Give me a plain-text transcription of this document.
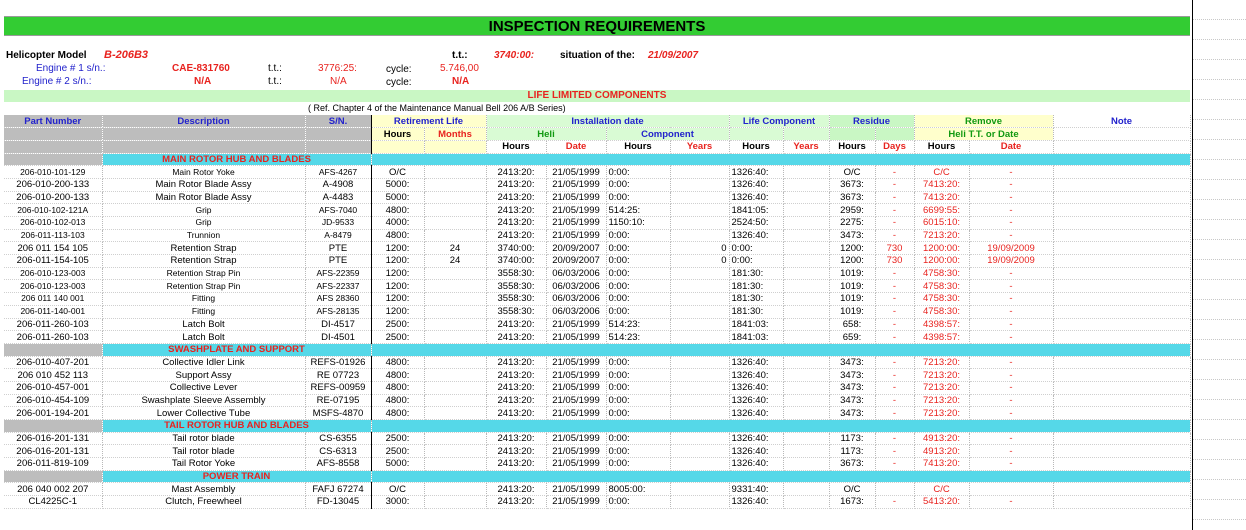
INSPECTION REQUIREMENTS
Helicopter Model B-206B3	t.t.:	3740:00:	situation of the: 21/09/2007
Engine # 1 s/n.:	CAE-831760	t.t.:	3776:25:	cycle:	5.746,00
Engine # 2 s/n.:	N/A	t.t.:	N/A	cycle:	N/A
LIFE LIMITED COMPONENTS
( Ref. Chapter 4 of the Maintenance Manual Bell 206 A/B Series)
Part Number	Description	S/N.	Retirement Life		Installation date				Life Component		Residue		Remove		Note
			Hours	Months	Heli		Component						Heli T.T. or Date		
					Hours	Date	Hours	Years	Hours	Years	Hours	Days	Hours	Date	
	MAIN ROTOR HUB AND BLADES														
206-010-101-129	Main Rotor Yoke	AFS-4267	O/C		2413:20:	21/05/1999	0:00:		1326:40:		O/C	-	C/C	-	
206-010-200-133	Main Rotor Blade Assy	A-4908	5000:		2413:20:	21/05/1999	0:00:		1326:40:		3673:	-	7413:20:	-	
206-010-200-133	Main Rotor Blade Assy	A-4483	5000:		2413:20:	21/05/1999	0:00:		1326:40:		3673:	-	7413:20:	-	
206-010-102-121A	Grip	AFS-7040	4800:		2413:20:	21/05/1999	514:25:		1841:05:		2959:	-	6699:55:	-	
206-010-102-013	Grip	JD-9533	4000:		2413:20:	21/05/1999	1150:10:		2524:50:		2275:	-	6015:10:	-	
206-011-113-103	Trunnion	A-8479	4800:		2413:20:	21/05/1999	0:00:		1326:40:		3473:	-	7213:20:	-	
206 011 154 105	Retention Strap	PTE	1200:	24	3740:00:	20/09/2007	0:00:	0	0:00:		1200:	730	1200:00:	19/09/2009	
206-011-154-105	Retention Strap	PTE	1200:	24	3740:00:	20/09/2007	0:00:	0	0:00:		1200:	730	1200:00:	19/09/2009	
206-010-123-003	Retention Strap Pin	AFS-22359	1200:		3558:30:	06/03/2006	0:00:		181:30:		1019:	-	4758:30:	-	
206-010-123-003	Retention Strap Pin	AFS-22337	1200:		3558:30:	06/03/2006	0:00:		181:30:		1019:	-	4758:30:	-	
206 011 140 001	Fitting	AFS 28360	1200:		3558:30:	06/03/2006	0:00:		181:30:		1019:	-	4758:30:	-	
206-011-140-001	Fitting	AFS-28135	1200:		3558:30:	06/03/2006	0:00:		181:30:		1019:	-	4758:30:	-	
206-011-260-103	Latch Bolt	DI-4517	2500:		2413:20:	21/05/1999	514:23:		1841:03:		658:	-	4398:57:	-	
206-011-260-103	Latch Bolt	DI-4501	2500:		2413:20:	21/05/1999	514:23:		1841:03:		659:	-	4398:57:	-	
	SWASHPLATE AND SUPPORT														
206-010-407-201	Collective Idler Link	REFS-01926	4800:		2413:20:	21/05/1999	0:00:		1326:40:		3473:	-	7213:20:	-	
206 010 452 113	Support Assy	RE 07723	4800:		2413:20:	21/05/1999	0:00:		1326:40:		3473:	-	7213:20:	-	
206-010-457-001	Collective Lever	REFS-00959	4800:		2413:20:	21/05/1999	0:00:		1326:40:		3473:	-	7213:20:	-	
206-010-454-109	Swashplate Sleeve Assembly	RE-07195	4800:		2413:20:	21/05/1999	0:00:		1326:40:		3473:	-	7213:20:	-	
206-001-194-201	Lower Collective Tube	MSFS-4870	4800:		2413:20:	21/05/1999	0:00:		1326:40:		3473:	-	7213:20:	-	
	TAIL ROTOR HUB AND BLADES														
206-016-201-131	Tail rotor blade	CS-6355	2500:		2413:20:	21/05/1999	0:00:		1326:40:		1173:	-	4913:20:	-	
206-016-201-131	Tail rotor blade	CS-6313	2500:		2413:20:	21/05/1999	0:00:		1326:40:		1173:	-	4913:20:	-	
206-011-819-109	Tail Rotor Yoke	AFS-8558	5000:		2413:20:	21/05/1999	0:00:		1326:40:		3673:	-	7413:20:	-	
	POWER TRAIN														
206 040 002 207	Mast Assembly	FAFJ 67274	O/C		2413:20:	21/05/1999	8005:00:		9331:40:		O/C		C/C		
CL4225C-1	Clutch, Freewheel	FD-13045	3000:		2413:20:	21/05/1999	0:00:		1326:40:		1673:	-	5413:20:	-	
